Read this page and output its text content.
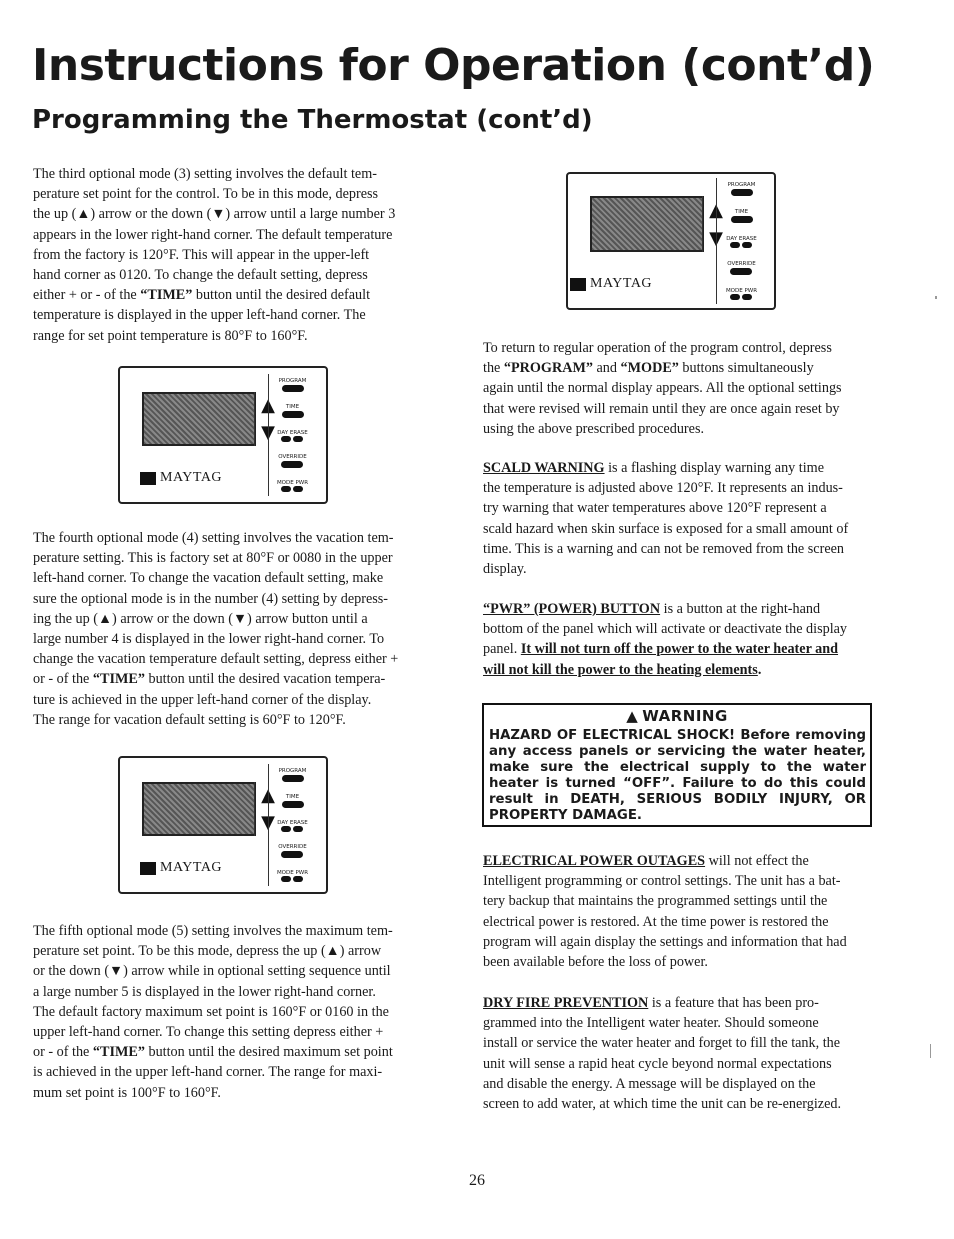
Instructions for Operation (cont’d)
Programming the Thermostat (cont’d)

The third optional mode (3) setting involves the default tem-
perature set point for the control. To be in this mode, depress
the up (▲) arrow or the down (▼) arrow until a large number 3
appears in the lower right-hand corner. The default temperature
from the factory is 120°F. This will appear in the upper-left
hand corner as 0120. To change the default setting, depress
either + or - of the “TIME” button until the desired default
temperature is displayed in the upper left-hand corner. The
range for set point temperature is 80°F to 160°F.

▲
▼
MAYTAG
PROGRAM
TIME
DAY ERASE
OVERRIDE
MODE PWR

The fourth optional mode (4) setting involves the vacation tem-
perature setting. This is factory set at 80°F or 0080 in the upper
left-hand corner. To change the vacation default setting, make
sure the optional mode is in the number (4) setting by depress-
ing the up (▲) arrow or the down (▼) arrow button until a
large number 4 is displayed in the lower right-hand corner. To
change the vacation temperature default setting, depress either +
or - of the “TIME” button until the desired vacation tempera-
ture is achieved in the upper left-hand corner of the display.
The range for vacation default setting is 60°F to 120°F.

▲
▼
MAYTAG
PROGRAM
TIME
DAY ERASE
OVERRIDE
MODE PWR

The fifth optional mode (5) setting involves the maximum tem-
perature set point. To be this mode, depress the up (▲) arrow
or the down (▼) arrow while in optional setting sequence until
a large number 5 is displayed in the lower right-hand corner.
The default factory maximum set point is 160°F or 0160 in the
upper left-hand corner. To change this setting depress either +
or - of the “TIME” button until the desired maximum set point
is achieved in the upper left-hand corner. The range for maxi-
mum set point is 100°F to 160°F.

▲
▼
MAYTAG
PROGRAM
TIME
DAY ERASE
OVERRIDE
MODE PWR

To return to regular operation of the program control, depress
the “PROGRAM” and “MODE” buttons simultaneously
again until the normal display appears. All the optional settings
that were revised will remain until they are once again reset by
using the above prescribed procedures.

SCALD WARNING is a flashing display warning any time
the temperature is adjusted above 120°F. It represents an indus-
try warning that water temperatures above 120°F represent a
scald hazard when skin surface is exposed for a small amount of
time. This is a warning and can not be removed from the screen
display.

“PWR” (POWER) BUTTON is a button at the right-hand
bottom of the panel which will activate or deactivate the display
panel. It will not turn off the power to the water heater and
will not kill the power to the heating elements.

▲ WARNING
HAZARD OF ELECTRICAL SHOCK! Before removing any access panels or servicing the water heater, make sure the electrical supply to the water heater is turned “OFF”. Failure to do this could result in DEATH, SERIOUS BODILY INJURY, OR PROPERTY DAMAGE.

ELECTRICAL POWER OUTAGES will not effect the
Intelligent programming or control settings. The unit has a bat-
tery backup that maintains the programmed settings until the
electrical power is restored. At the time power is restored the
program will again display the settings and information that had
been available before the loss of power.

DRY FIRE PREVENTION is a feature that has been pro-
grammed into the Intelligent water heater. Should someone
install or service the water heater and forget to fill the tank, the
unit will sense a rapid heat cycle beyond normal expectations
and disable the energy. A message will be displayed on the
screen to add water, at which time the unit can be re-energized.

26
